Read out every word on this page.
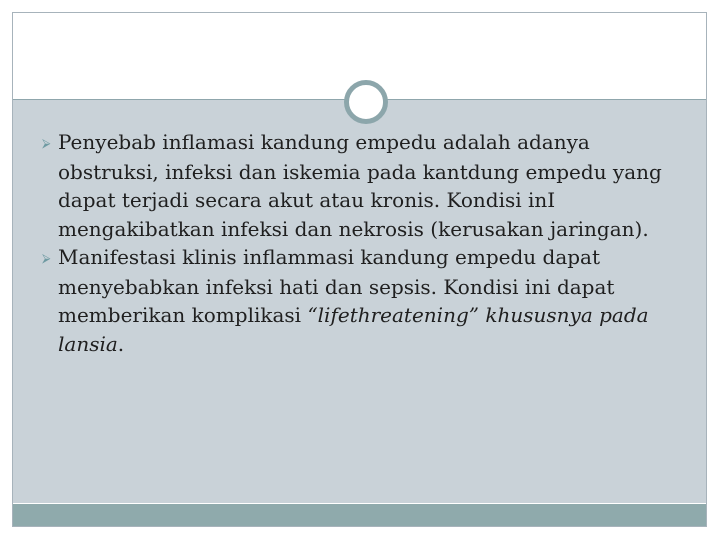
⮚ Penyebab inflamasi kandung empedu adalah adanya obstruksi, infeksi dan iskemia pada kantdung empedu yang dapat terjadi secara akut atau kronis. Kondisi inI mengakibatkan infeksi dan nekrosis (kerusakan jaringan).

⮚ Manifestasi klinis inflammasi kandung empedu dapat menyebabkan infeksi hati dan sepsis. Kondisi ini dapat memberikan komplikasi “lifethreatening” khususnya pada lansia.
